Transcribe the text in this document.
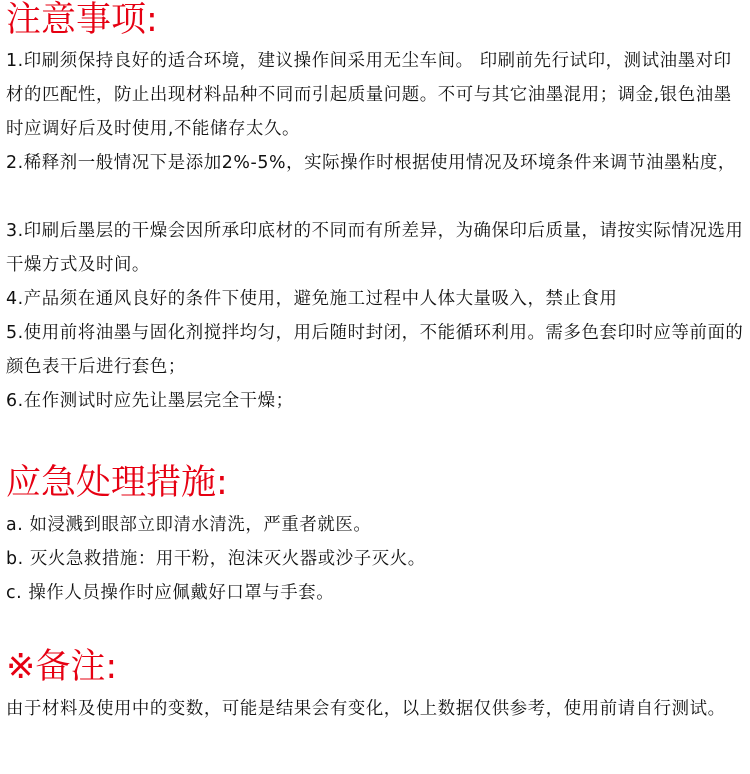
注意事项:

1.印刷须保持良好的适合环境，建议操作间采用无尘车间。 印刷前先行试印，测试油墨对印材的匹配性，防止出现材料品种不同而引起质量问题。不可与其它油墨混用；调金,银色油墨时应调好后及时使用,不能储存太久。

2.稀释剂一般情况下是添加2%-5%，实际操作时根据使用情况及环境条件来调节油墨粘度，

3.印刷后墨层的干燥会因所承印底材的不同而有所差异，为确保印后质量，请按实际情况选用干燥方式及时间。

4.产品须在通风良好的条件下使用，避免施工过程中人体大量吸入，禁止食用

5.使用前将油墨与固化剂搅拌均匀，用后随时封闭，不能循环利用。需多色套印时应等前面的颜色表干后进行套色；

6.在作测试时应先让墨层完全干燥；

应急处理措施:

a. 如浸溅到眼部立即清水清洗，严重者就医。

b. 灭火急救措施：用干粉，泡沫灭火器或沙子灭火。

c. 操作人员操作时应佩戴好口罩与手套。

※备注:

由于材料及使用中的变数，可能是结果会有变化，以上数据仅供参考，使用前请自行测试。
